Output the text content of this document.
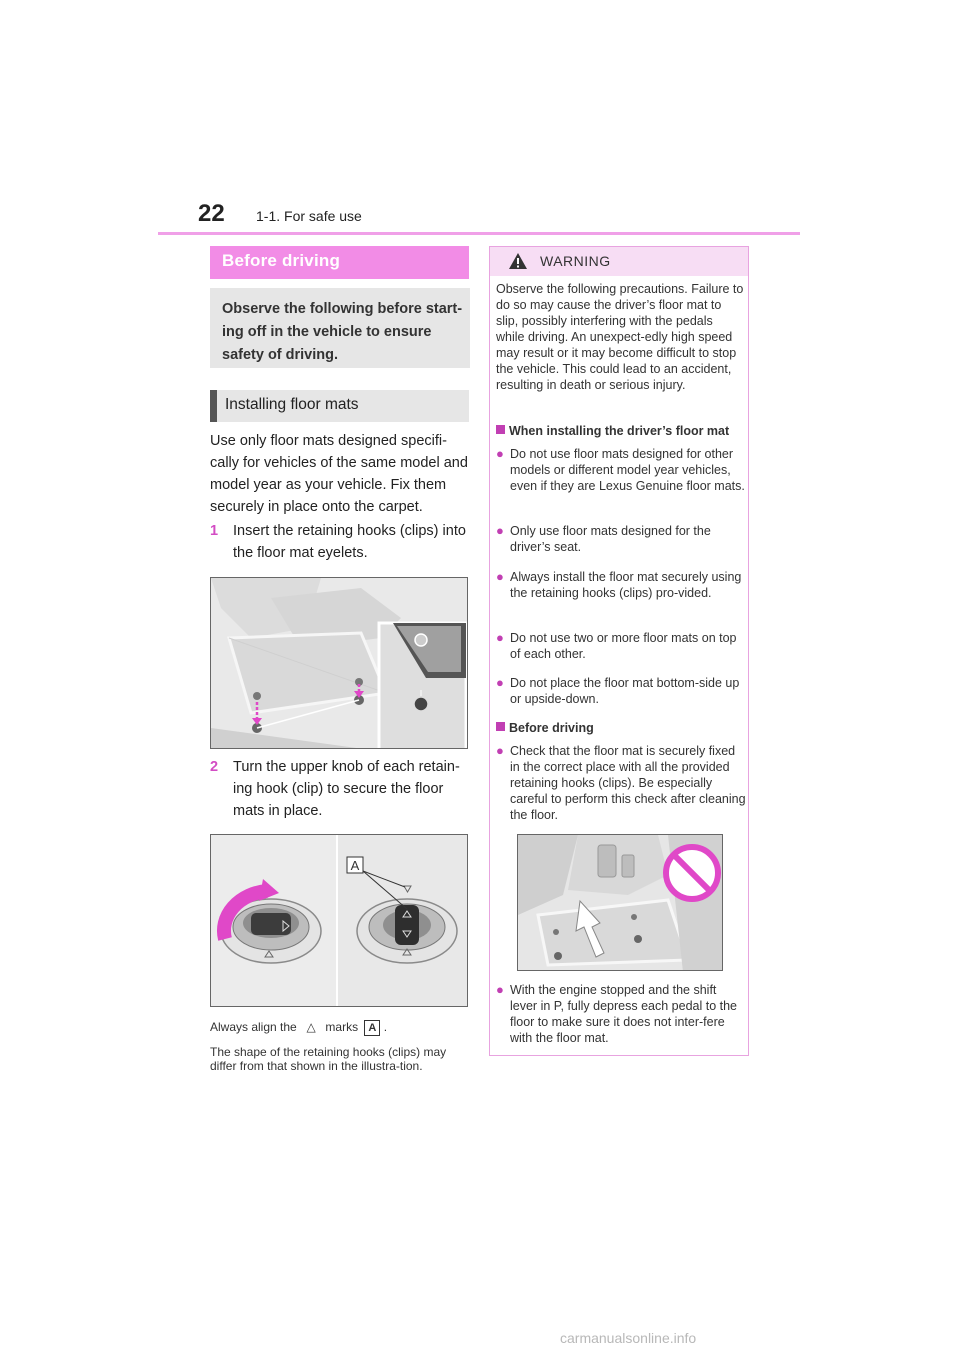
22 1-1. For safe use
Before driving

Observe the following before start-ing off in the vehicle to ensure safety of driving.

Installing floor mats

Use only floor mats designed specifi-cally for vehicles of the same model and model year as your vehicle. Fix them securely in place onto the carpet.

1 Insert the retaining hooks (clips) into the floor mat eyelets.
2 Turn the upper knob of each retain-ing hook (clip) to secure the floor mats in place.
A
Always align the △ marks A .
The shape of the retaining hooks (clips) may differ from that shown in the illustra-tion.
WARNING
Observe the following precautions. Failure to do so may cause the driver’s floor mat to slip, possibly interfering with the pedals while driving. An unexpect-edly high speed may result or it may become difficult to stop the vehicle. This could lead to an accident, resulting in death or serious injury.
When installing the driver’s floor mat
● Do not use floor mats designed for other models or different model year vehicles, even if they are Lexus Genuine floor mats.
● Only use floor mats designed for the driver’s seat.
● Always install the floor mat securely using the retaining hooks (clips) pro-vided.
● Do not use two or more floor mats on top of each other.
● Do not place the floor mat bottom-side up or upside-down.
Before driving
● Check that the floor mat is securely fixed in the correct place with all the provided retaining hooks (clips). Be especially careful to perform this check after cleaning the floor.
● With the engine stopped and the shift lever in P, fully depress each pedal to the floor to make sure it does not inter-fere with the floor mat.
carmanualsonline.info
